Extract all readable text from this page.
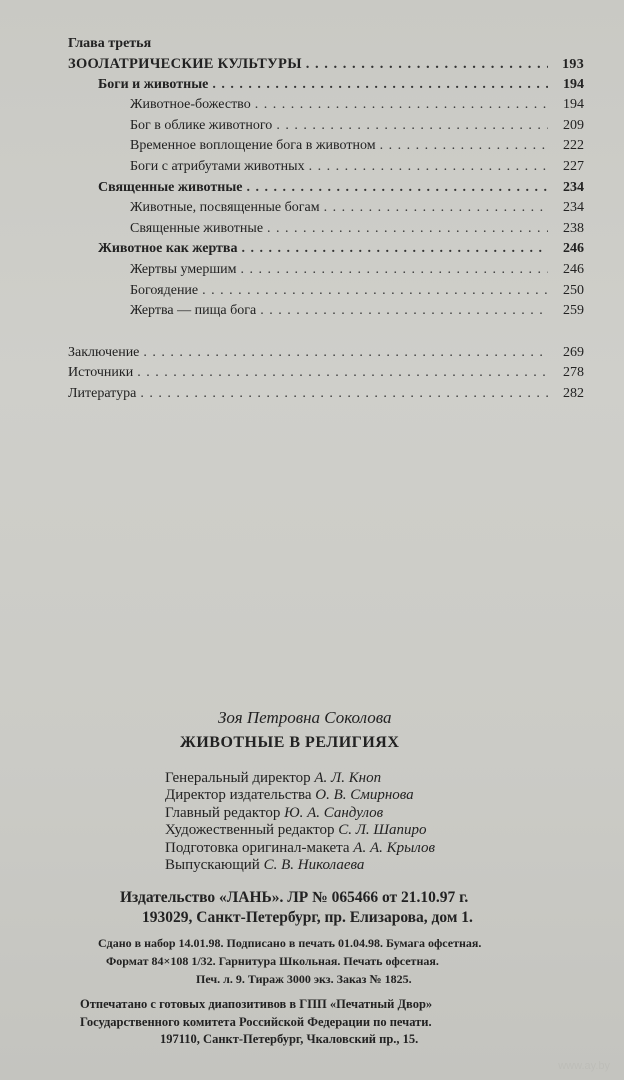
Глава третья
ЗООЛАТРИЧЕСКИЕ КУЛЬТУРЫ . . .	193
Боги и животные . . .	194
Животное-божество . . .	194
Бог в облике животного . . .	209
Временное воплощение бога в животном . . .	222
Боги с атрибутами животных . . .	227
Священные животные . . .	234
Животные, посвященные богам . . .	234
Священные животные . . .	238
Животное как жертва . . .	246
Жертвы умершим . . .	246
Богоядение . . .	250
Жертва — пища бога . . .	259
Заключение . . .	269
Источники . . .	278
Литература . . .	282
Зоя Петровна Соколова
ЖИВОТНЫЕ В РЕЛИГИЯХ
Генеральный директор А. Л. Кноп
Директор издательства О. В. Смирнова
Главный редактор Ю. А. Сандулов
Художественный редактор С. Л. Шапиро
Подготовка оригинал-макета А. А. Крылов
Выпускающий С. В. Николаева
Издательство «ЛАНЬ». ЛР № 065466 от 21.10.97 г.
193029, Санкт-Петербург, пр. Елизарова, дом 1.
Сдано в набор 14.01.98. Подписано в печать 01.04.98. Бумага офсетная.
Формат 84×108 1/32. Гарнитура Школьная. Печать офсетная.
Печ. л. 9. Тираж 3000 экз. Заказ № 1825.
Отпечатано с готовых диапозитивов в ГПП «Печатный Двор»
Государственного комитета Российской Федерации по печати.
197110, Санкт-Петербург, Чкаловский пр., 15.
www.ay.by
